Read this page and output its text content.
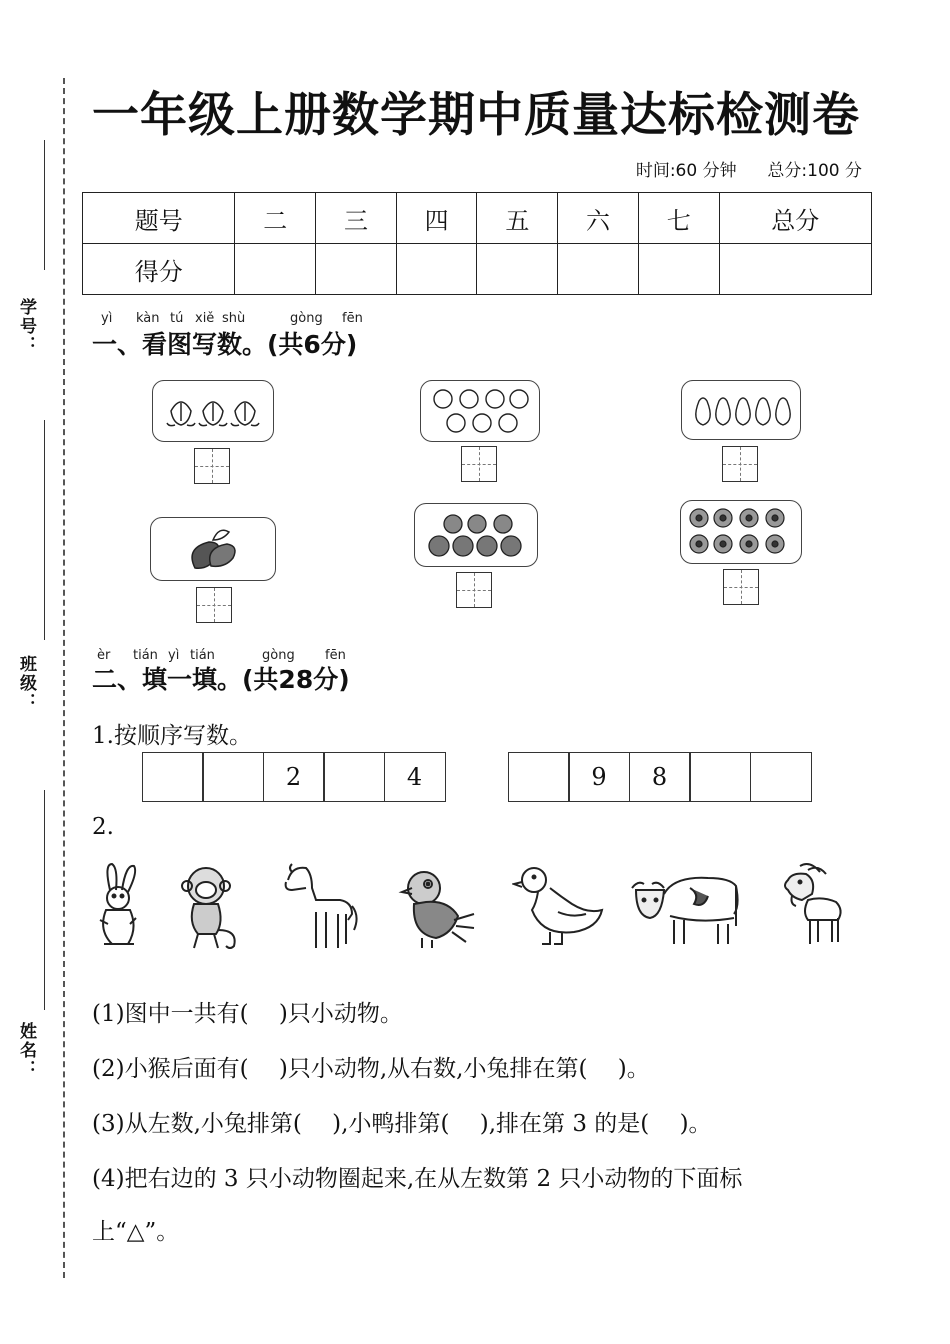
学号：
班级：
姓名：
一年级上册数学期中质量达标检测卷
时间:60 分钟 总分:100 分
题号	二	三	四	五	六	七	总分
得分							
yì kàn tú xiě shù	gòng fēn
一、看图写数。(共6分)
èr tián yì tián	gòng fēn
二、填一填。(共28分)
1.按顺序写数。
2	4	9	8
2.
(1)图中一共有(　 )只小动物。
(2)小猴后面有(　 )只小动物,从右数,小兔排在第(　 )。
(3)从左数,小兔排第(　 ),小鸭排第(　 ),排在第 3 的是(　 )。
(4)把右边的 3 只小动物圈起来,在从左数第 2 只小动物的下面标
上“△”。
